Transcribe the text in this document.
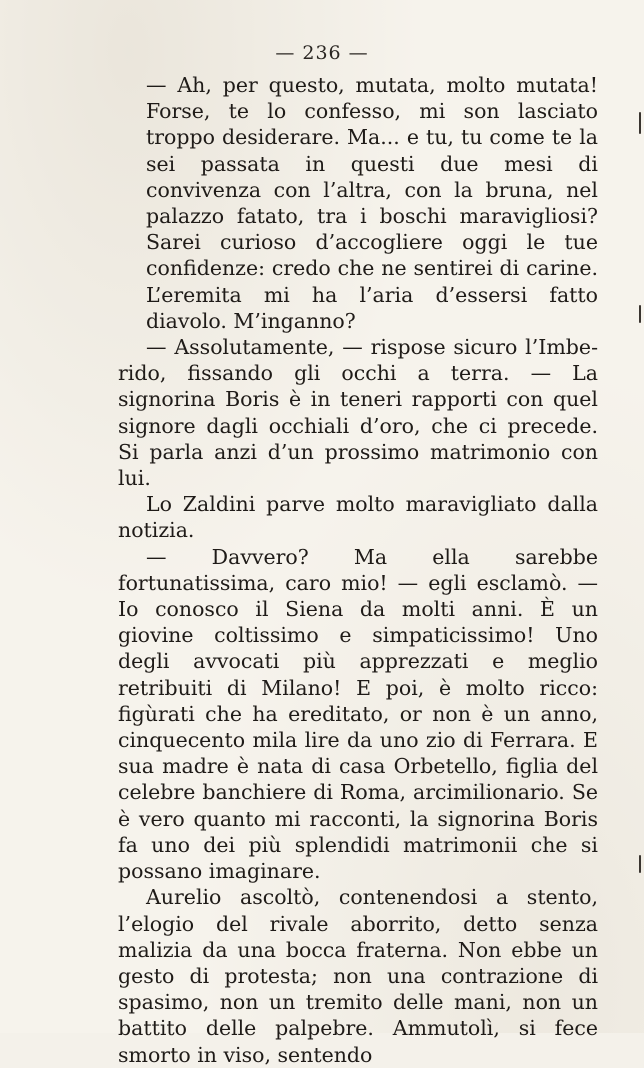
— 236 —

— Ah, per questo, mutata, molto mutata! Forse, te lo confesso, mi son lasciato troppo desiderare. Ma... e tu, tu come te la sei passata in questi due mesi di convivenza con l’altra, con la bruna, nel palazzo fatato, tra i boschi maravigliosi? Sarei curioso d’accogliere oggi le tue confidenze: credo che ne sentirei di carine. L’eremita mi ha l’aria d’essersi fatto diavolo. M’inganno?

— Assolutamente, — rispose sicuro l’Imberido, fissando gli occhi a terra. — La signorina Boris è in teneri rapporti con quel signore dagli occhiali d’oro, che ci precede. Si parla anzi d’un prossimo matrimonio con lui.

Lo Zaldini parve molto maravigliato dalla notizia.

— Davvero? Ma ella sarebbe fortunatissima, caro mio! — egli esclamò. — Io conosco il Siena da molti anni. È un giovine coltissimo e simpaticissimo! Uno degli avvocati più apprezzati e meglio retribuiti di Milano! E poi, è molto ricco: figùrati che ha ereditato, or non è un anno, cinquecento mila lire da uno zio di Ferrara. E sua madre è nata di casa Orbetello, figlia del celebre banchiere di Roma, arcimilionario. Se è vero quanto mi racconti, la signorina Boris fa uno dei più splendidi matrimonii che si possano imaginare.

Aurelio ascoltò, contenendosi a stento, l’elogio del rivale aborrito, detto senza malizia da una bocca fraterna. Non ebbe un gesto di protesta; non una contrazione di spasimo, non un tremito delle mani, non un battito delle palpebre. Ammutolì, si fece smorto in viso, sentendo
